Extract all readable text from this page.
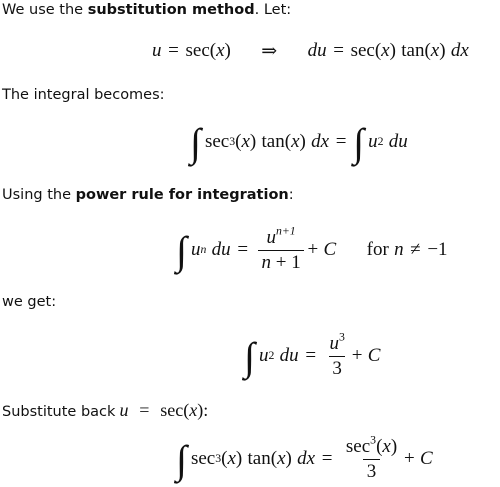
We use the substitution method. Let:
u = sec ( x ) ⇒ d u = sec ( x ) tan ( x ) d x
The integral becomes:
∫ sec 3 ( x ) tan ( x ) d x = ∫ u 2 d u
Using the power rule for integration:
∫ u n d $u = \frac{u^{n+1}}{n + 1} + C$ for n ≠ −1
we get:
∫ u 2 d $u = \frac{u^3}{3} + C$
Substitute back u = sec(x):
∫ sec 3 ( x ) tan ( x ) d $x = \frac{\sec^3(x)}{3} + C$
